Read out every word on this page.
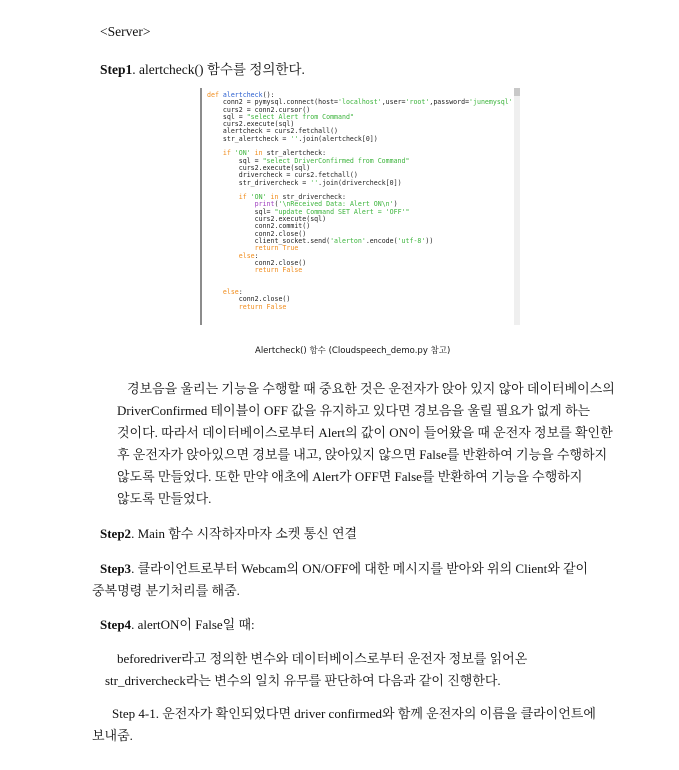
<Server>
Step1. alertcheck() 함수를 정의한다.
def alertcheck():
conn2 = pymysql.connect(host='localhost',user='root',password='junemysql'
curs2 = conn2.cursor()
sql = "select Alert from Command"
curs2.execute(sql)
alertcheck = curs2.fetchall()
str_alertcheck = ''.join(alertcheck[0])

if 'ON' in str_alertcheck:
sql = "select DriverConfirmed from Command"
curs2.execute(sql)
drivercheck = curs2.fetchall()
str_drivercheck = ''.join(drivercheck[0])

if 'ON' in str_drivercheck:
print('\nReceived Data: Alert ON\n')
sql= "update Command SET Alert = 'OFF'"
curs2.execute(sql)
conn2.commit()
conn2.close()
client_socket.send('alerton'.encode('utf-8'))
return True
else:
conn2.close()
return False

else:
conn2.close()
return False
Alertcheck() 함수 (Cloudspeech_demo.py 참고)
경보음을 울리는 기능을 수행할 때 중요한 것은 운전자가 앉아 있지 않아 데이터베이스의
DriverConfirmed 테이블이 OFF 값을 유지하고 있다면 경보음을 울릴 필요가 없게 하는
것이다. 따라서 데이터베이스로부터 Alert의 값이 ON이 들어왔을 때 운전자 정보를 확인한
후 운전자가 앉아있으면 경보를 내고, 앉아있지 않으면 False를 반환하여 기능을 수행하지
않도록 만들었다. 또한 만약 애초에 Alert가 OFF면 False를 반환하여 기능을 수행하지
않도록 만들었다.
Step2. Main 함수 시작하자마자 소켓 통신 연결
Step3. 클라이언트로부터 Webcam의 ON/OFF에 대한 메시지를 받아와 위의 Client와 같이
중복명령 분기처리를 해줌.
Step4. alertON이 False일 때:
beforedriver라고 정의한 변수와 데이터베이스로부터 운전자 정보를 읽어온
str_drivercheck라는 변수의 일치 유무를 판단하여 다음과 같이 진행한다.
Step 4-1. 운전자가 확인되었다면 driver confirmed와 함께 운전자의 이름을 클라이언트에
보내줌.
